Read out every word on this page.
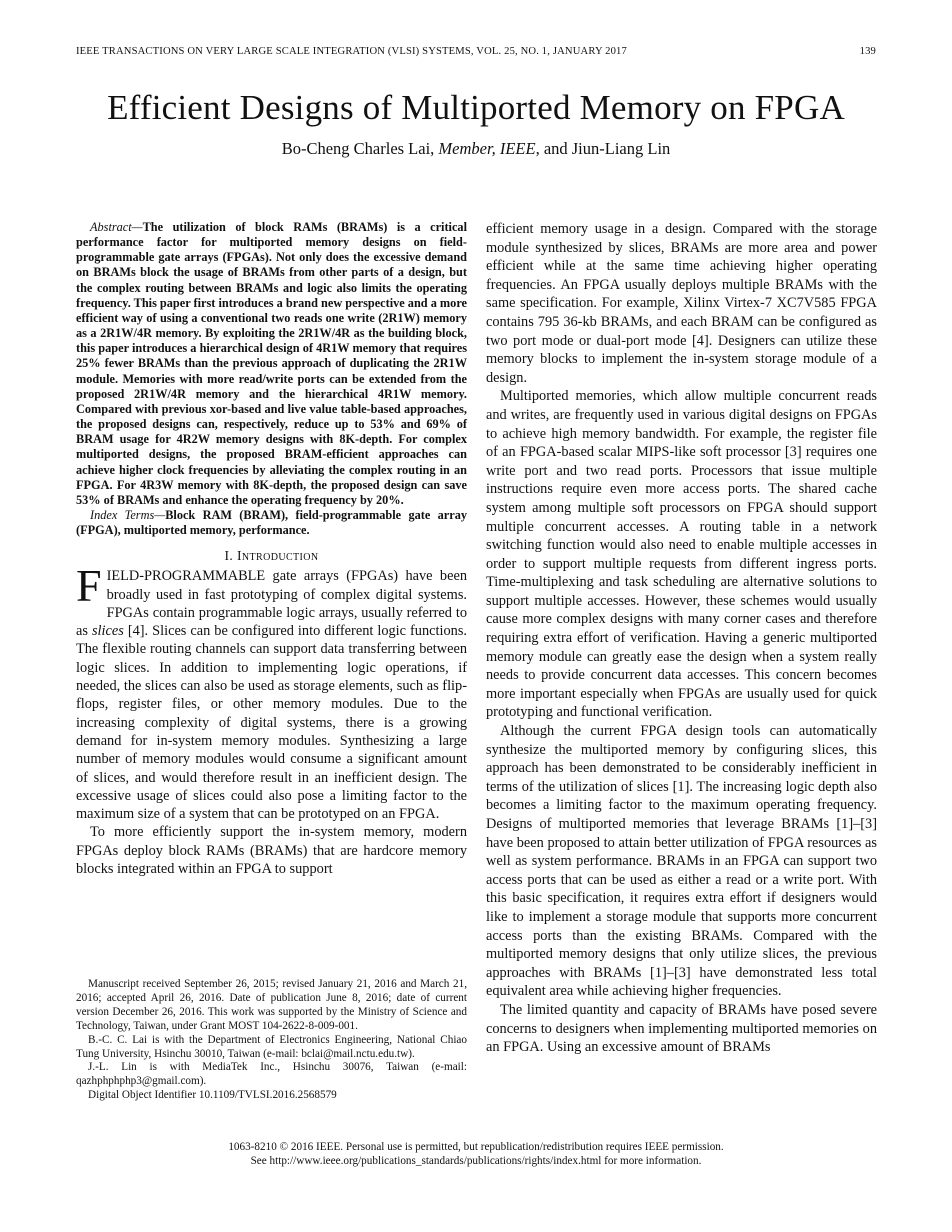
IEEE TRANSACTIONS ON VERY LARGE SCALE INTEGRATION (VLSI) SYSTEMS, VOL. 25, NO. 1, JANUARY 2017	139
Efficient Designs of Multiported Memory on FPGA
Bo-Cheng Charles Lai, Member, IEEE, and Jiun-Liang Lin

Abstract—The utilization of block RAMs (BRAMs) is a critical performance factor for multiported memory designs on field-programmable gate arrays (FPGAs). Not only does the excessive demand on BRAMs block the usage of BRAMs from other parts of a design, but the complex routing between BRAMs and logic also limits the operating frequency. This paper first introduces a brand new perspective and a more efficient way of using a conventional two reads one write (2R1W) memory as a 2R1W/4R memory. By exploiting the 2R1W/4R as the building block, this paper introduces a hierarchical design of 4R1W memory that requires 25% fewer BRAMs than the previous approach of duplicating the 2R1W module. Memories with more read/write ports can be extended from the proposed 2R1W/4R memory and the hierarchical 4R1W memory. Compared with previous xor-based and live value table-based approaches, the proposed designs can, respectively, reduce up to 53% and 69% of BRAM usage for 4R2W memory designs with 8K-depth. For complex multiported designs, the proposed BRAM-efficient approaches can achieve higher clock frequencies by alleviating the complex routing in an FPGA. For 4R3W memory with 8K-depth, the proposed design can save 53% of BRAMs and enhance the operating frequency by 20%.

Index Terms—Block RAM (BRAM), field-programmable gate array (FPGA), multiported memory, performance.

I. Introduction

FIELD-PROGRAMMABLE gate arrays (FPGAs) have been broadly used in fast prototyping of complex digital systems. FPGAs contain programmable logic arrays, usually referred to as slices [4]. Slices can be configured into different logic functions. The flexible routing channels can support data transferring between logic slices. In addition to implementing logic operations, if needed, the slices can also be used as storage elements, such as flip-flops, register files, or other memory modules. Due to the increasing complexity of digital systems, there is a growing demand for in-system memory modules. Synthesizing a large number of memory modules would consume a significant amount of slices, and would therefore result in an inefficient design. The excessive usage of slices could also pose a limiting factor to the maximum size of a system that can be prototyped on an FPGA.

To more efficiently support the in-system memory, modern FPGAs deploy block RAMs (BRAMs) that are hardcore memory blocks integrated within an FPGA to support

Manuscript received September 26, 2015; revised January 21, 2016 and March 21, 2016; accepted April 26, 2016. Date of publication June 8, 2016; date of current version December 26, 2016. This work was supported by the Ministry of Science and Technology, Taiwan, under Grant MOST 104-2622-8-009-001.

B.-C. C. Lai is with the Department of Electronics Engineering, National Chiao Tung University, Hsinchu 30010, Taiwan (e-mail: bclai@mail.nctu.edu.tw).

J.-L. Lin is with MediaTek Inc., Hsinchu 30076, Taiwan (e-mail: qazhphphphp3@gmail.com).

Digital Object Identifier 10.1109/TVLSI.2016.2568579

efficient memory usage in a design. Compared with the storage module synthesized by slices, BRAMs are more area and power efficient while at the same time achieving higher operating frequencies. An FPGA usually deploys multiple BRAMs with the same specification. For example, Xilinx Virtex-7 XC7V585 FPGA contains 795 36-kb BRAMs, and each BRAM can be configured as two port mode or dual-port mode [4]. Designers can utilize these memory blocks to implement the in-system storage module of a design.

Multiported memories, which allow multiple concurrent reads and writes, are frequently used in various digital designs on FPGAs to achieve high memory bandwidth. For example, the register file of an FPGA-based scalar MIPS-like soft processor [3] requires one write port and two read ports. Processors that issue multiple instructions require even more access ports. The shared cache system among multiple soft processors on FPGA should support multiple concurrent accesses. A routing table in a network switching function would also need to enable multiple accesses in order to support multiple requests from different ingress ports. Time-multiplexing and task scheduling are alternative solutions to support multiple accesses. However, these schemes would usually cause more complex designs with many corner cases and therefore requiring extra effort of verification. Having a generic multiported memory module can greatly ease the design when a system really needs to provide concurrent data accesses. This concern becomes more important especially when FPGAs are usually used for quick prototyping and functional verification.

Although the current FPGA design tools can automatically synthesize the multiported memory by configuring slices, this approach has been demonstrated to be considerably inefficient in terms of the utilization of slices [1]. The increasing logic depth also becomes a limiting factor to the maximum operating frequency. Designs of multiported memories that leverage BRAMs [1]–[3] have been proposed to attain better utilization of FPGA resources as well as system performance. BRAMs in an FPGA can support two access ports that can be used as either a read or a write port. With this basic specification, it requires extra effort if designers would like to implement a storage module that supports more concurrent access ports than the existing BRAMs. Compared with the multiported memory designs that only utilize slices, the previous approaches with BRAMs [1]–[3] have demonstrated less total equivalent area while achieving higher frequencies.

The limited quantity and capacity of BRAMs have posed severe concerns to designers when implementing multiported memories on an FPGA. Using an excessive amount of BRAMs

1063-8210 © 2016 IEEE. Personal use is permitted, but republication/redistribution requires IEEE permission.
See http://www.ieee.org/publications_standards/publications/rights/index.html for more information.
